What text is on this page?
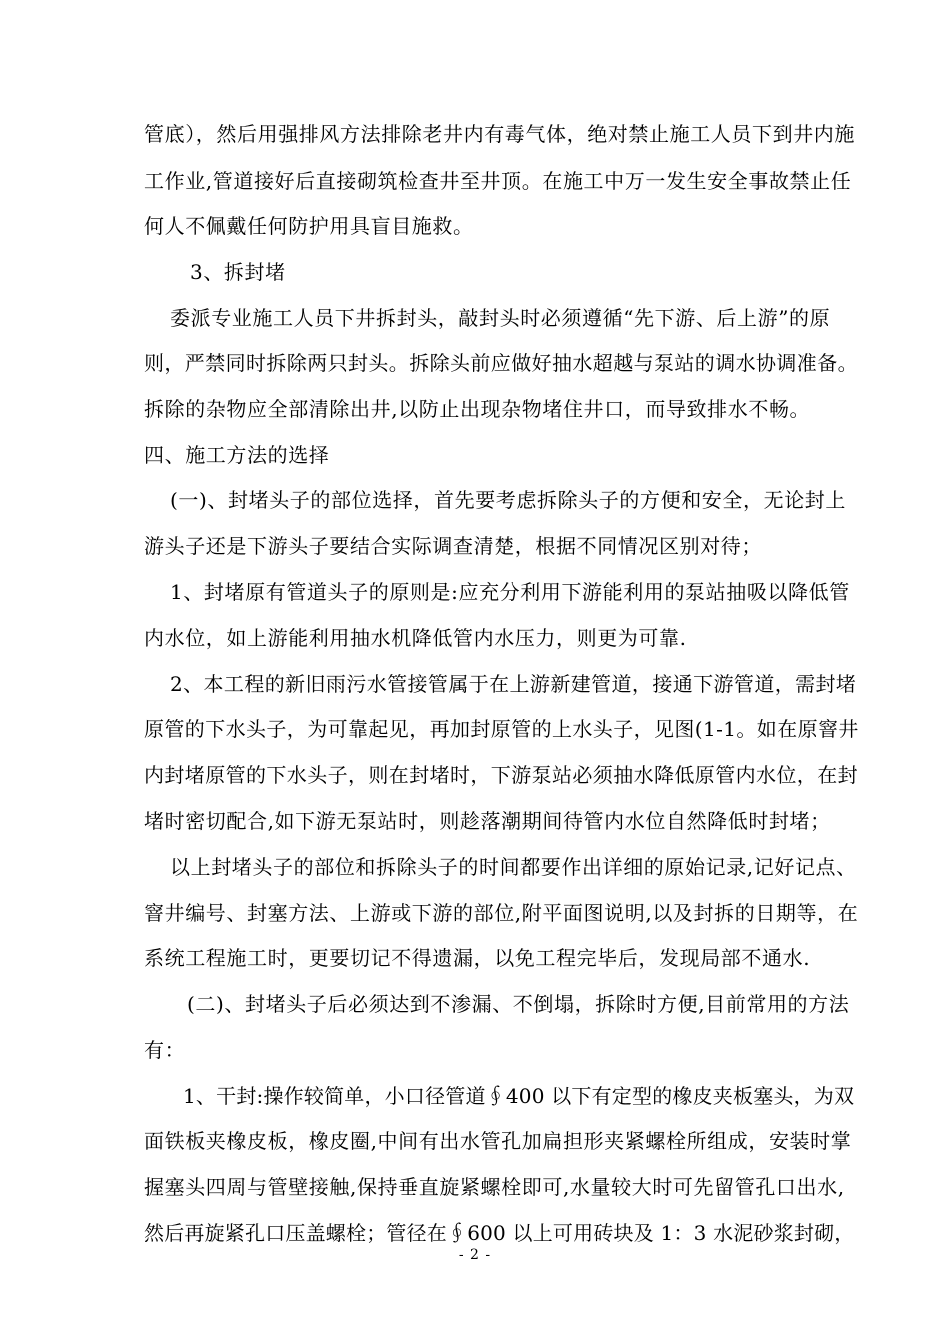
管底），然后用强排风方法排除老井内有毒气体，绝对禁止施工人员下到井内施
工作业,管道接好后直接砌筑检查井至井顶。在施工中万一发生安全事故禁止任
何人不佩戴任何防护用具盲目施救。
3、拆封堵
委派专业施工人员下井拆封头，敲封头时必须遵循“先下游、后上游”的原
则，严禁同时拆除两只封头。拆除头前应做好抽水超越与泵站的调水协调准备。
拆除的杂物应全部清除出井,以防止出现杂物堵住井口，而导致排水不畅。
四、施工方法的选择
(一)、封堵头子的部位选择，首先要考虑拆除头子的方便和安全，无论封上
游头子还是下游头子要结合实际调查清楚，根据不同情况区别对待；
1、封堵原有管道头子的原则是:应充分利用下游能利用的泵站抽吸以降低管
内水位，如上游能利用抽水机降低管内水压力，则更为可靠.
2、本工程的新旧雨污水管接管属于在上游新建管道，接通下游管道，需封堵
原管的下水头子，为可靠起见，再加封原管的上水头子，见图(1-1。如在原窨井
内封堵原管的下水头子，则在封堵时，下游泵站必须抽水降低原管内水位，在封
堵时密切配合,如下游无泵站时，则趁落潮期间待管内水位自然降低时封堵；
以上封堵头子的部位和拆除头子的时间都要作出详细的原始记录,记好记点、
窨井编号、封塞方法、上游或下游的部位,附平面图说明,以及封拆的日期等，在
系统工程施工时，更要切记不得遗漏，以免工程完毕后，发现局部不通水.
(二)、封堵头子后必须达到不渗漏、不倒塌，拆除时方便,目前常用的方法
有：
1、干封:操作较简单，小口径管道∮400 以下有定型的橡皮夹板塞头，为双
面铁板夹橡皮板，橡皮圈,中间有出水管孔加扁担形夹紧螺栓所组成，安装时掌
握塞头四周与管壁接触,保持垂直旋紧螺栓即可,水量较大时可先留管孔口出水,
然后再旋紧孔口压盖螺栓；管径在∮600 以上可用砖块及 1：3 水泥砂浆封砌，
- 2 -
